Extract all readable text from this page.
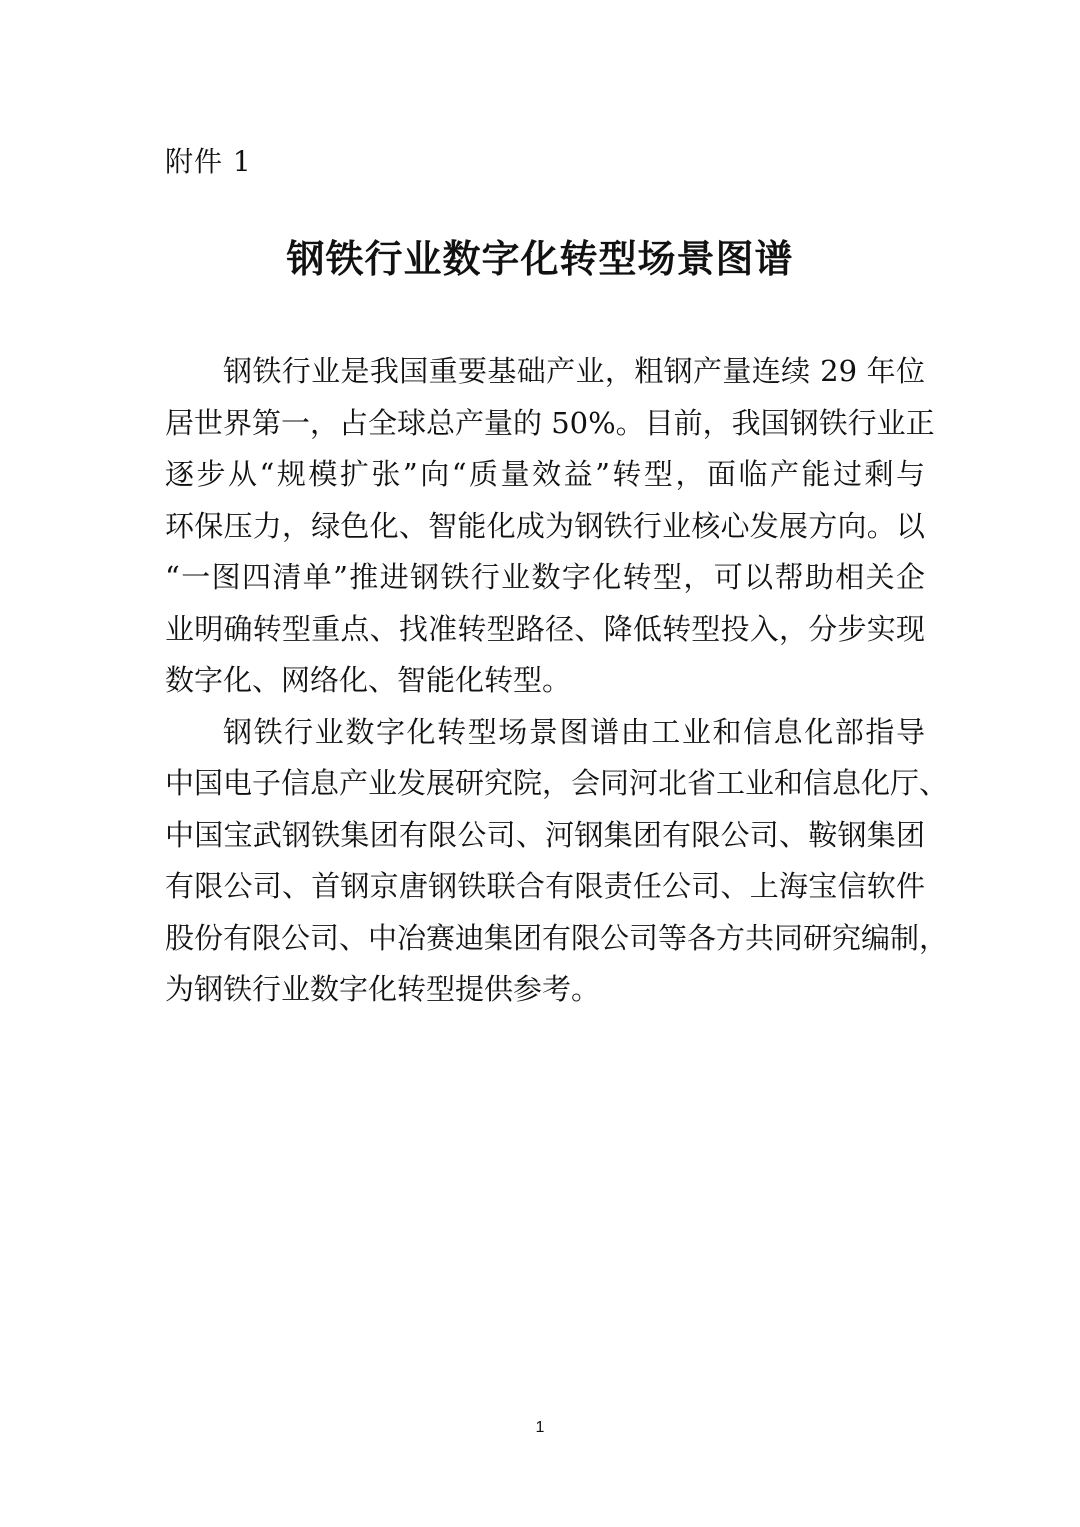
附件 1
钢铁行业数字化转型场景图谱
钢铁行业是我国重要基础产业，粗钢产量连续 29 年位
居世界第一，占全球总产量的 50%。目前，我国钢铁行业正
逐步从“规模扩张”向“质量效益”转型，面临产能过剩与
环保压力，绿色化、智能化成为钢铁行业核心发展方向。以
“一图四清单”推进钢铁行业数字化转型，可以帮助相关企
业明确转型重点、找准转型路径、降低转型投入，分步实现
数字化、网络化、智能化转型。
钢铁行业数字化转型场景图谱由工业和信息化部指导
中国电子信息产业发展研究院，会同河北省工业和信息化厅、
中国宝武钢铁集团有限公司、河钢集团有限公司、鞍钢集团
有限公司、首钢京唐钢铁联合有限责任公司、上海宝信软件
股份有限公司、中冶赛迪集团有限公司等各方共同研究编制，
为钢铁行业数字化转型提供参考。
1
